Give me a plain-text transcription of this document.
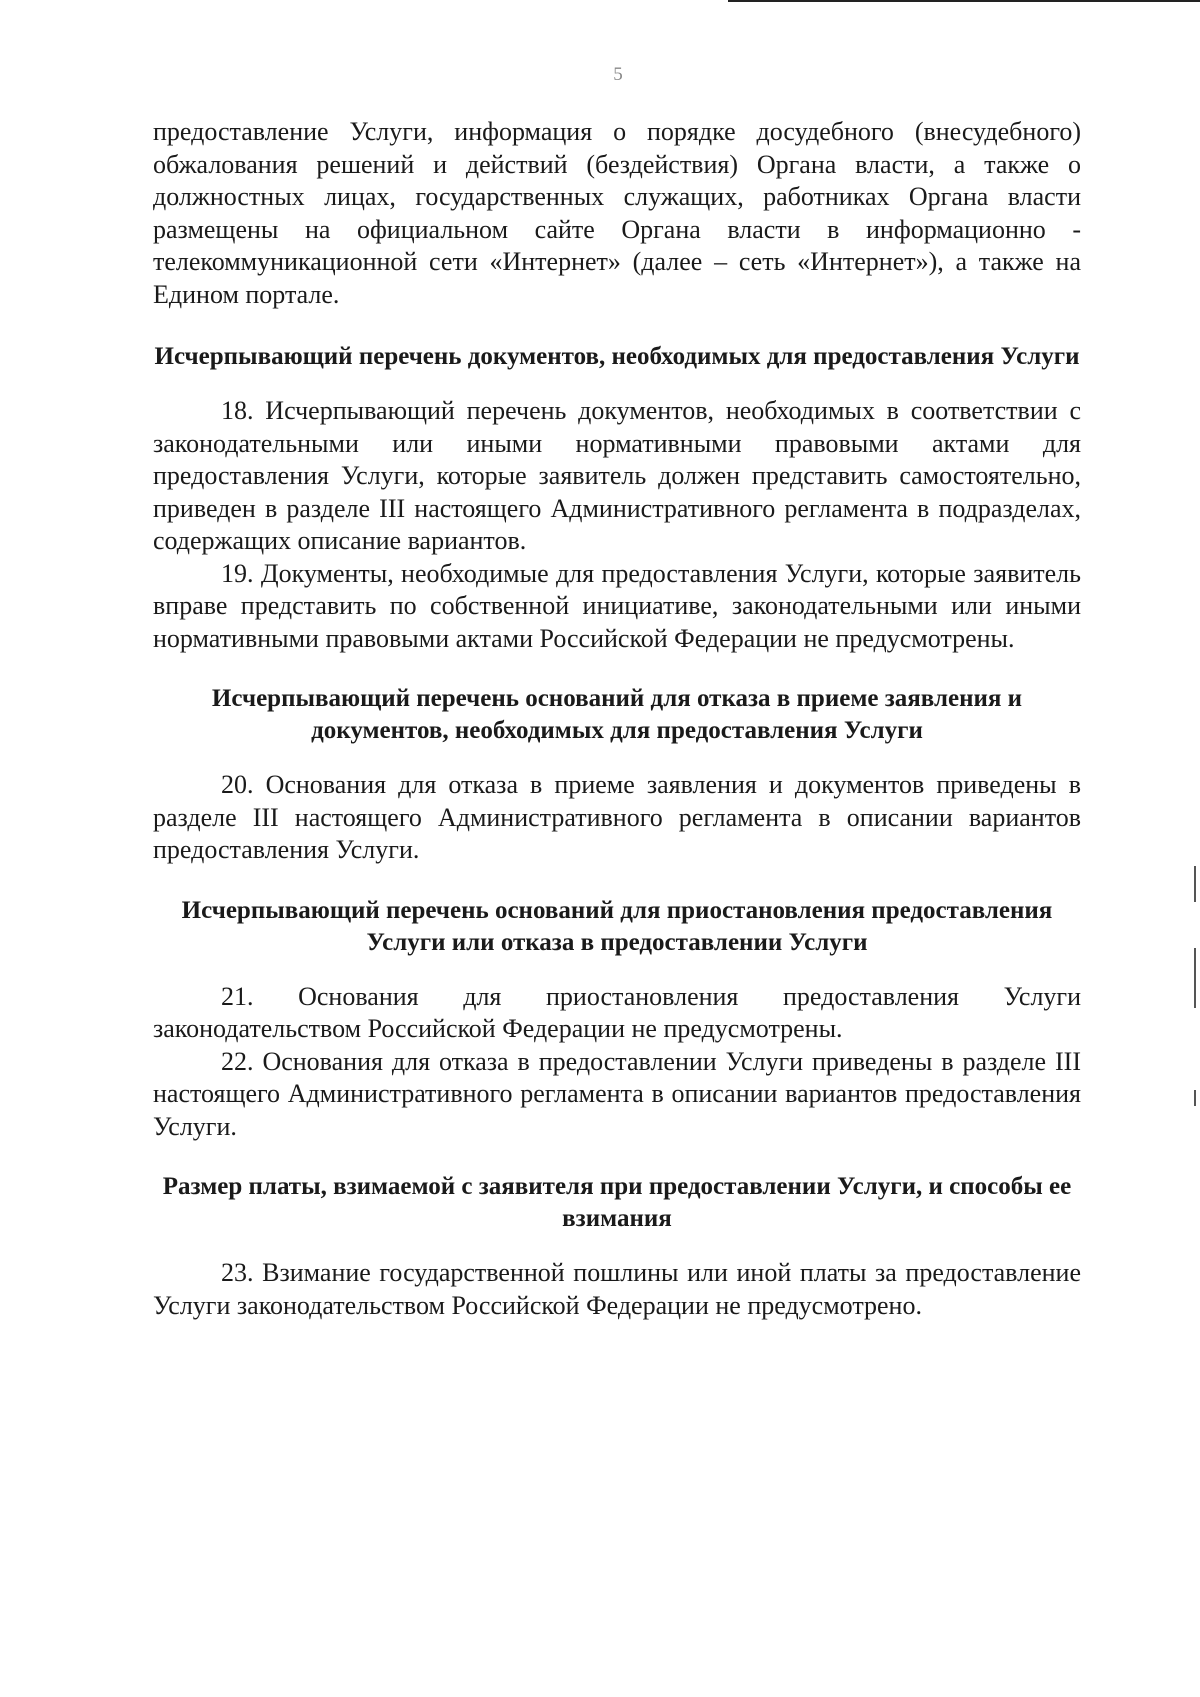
5

предоставление Услуги, информация о порядке досудебного (внесудебного) обжалования решений и действий (бездействия) Органа власти, а также о должностных лицах, государственных служащих, работниках Органа власти размещены на официальном сайте Органа власти в информационно - телекоммуникационной сети «Интернет» (далее – сеть «Интернет»), а также на Едином портале.

Исчерпывающий перечень документов, необходимых для предоставления Услуги

18. Исчерпывающий перечень документов, необходимых в соответствии с законодательными или иными нормативными правовыми актами для предоставления Услуги, которые заявитель должен представить самостоятельно, приведен в разделе III настоящего Административного регламента в подразделах, содержащих описание вариантов.

19. Документы, необходимые для предоставления Услуги, которые заявитель вправе представить по собственной инициативе, законодательными или иными нормативными правовыми актами Российской Федерации не предусмотрены.

Исчерпывающий перечень оснований для отказа в приеме заявления и документов, необходимых для предоставления Услуги

20. Основания для отказа в приеме заявления и документов приведены в разделе III настоящего Административного регламента в описании вариантов предоставления Услуги.

Исчерпывающий перечень оснований для приостановления предоставления Услуги или отказа в предоставлении Услуги

21. Основания для приостановления предоставления Услуги законодательством Российской Федерации не предусмотрены.

22. Основания для отказа в предоставлении Услуги приведены в разделе III настоящего Административного регламента в описании вариантов предоставления Услуги.

Размер платы, взимаемой с заявителя при предоставлении Услуги, и способы ее взимания

23. Взимание государственной пошлины или иной платы за предоставление Услуги законодательством Российской Федерации не предусмотрено.
